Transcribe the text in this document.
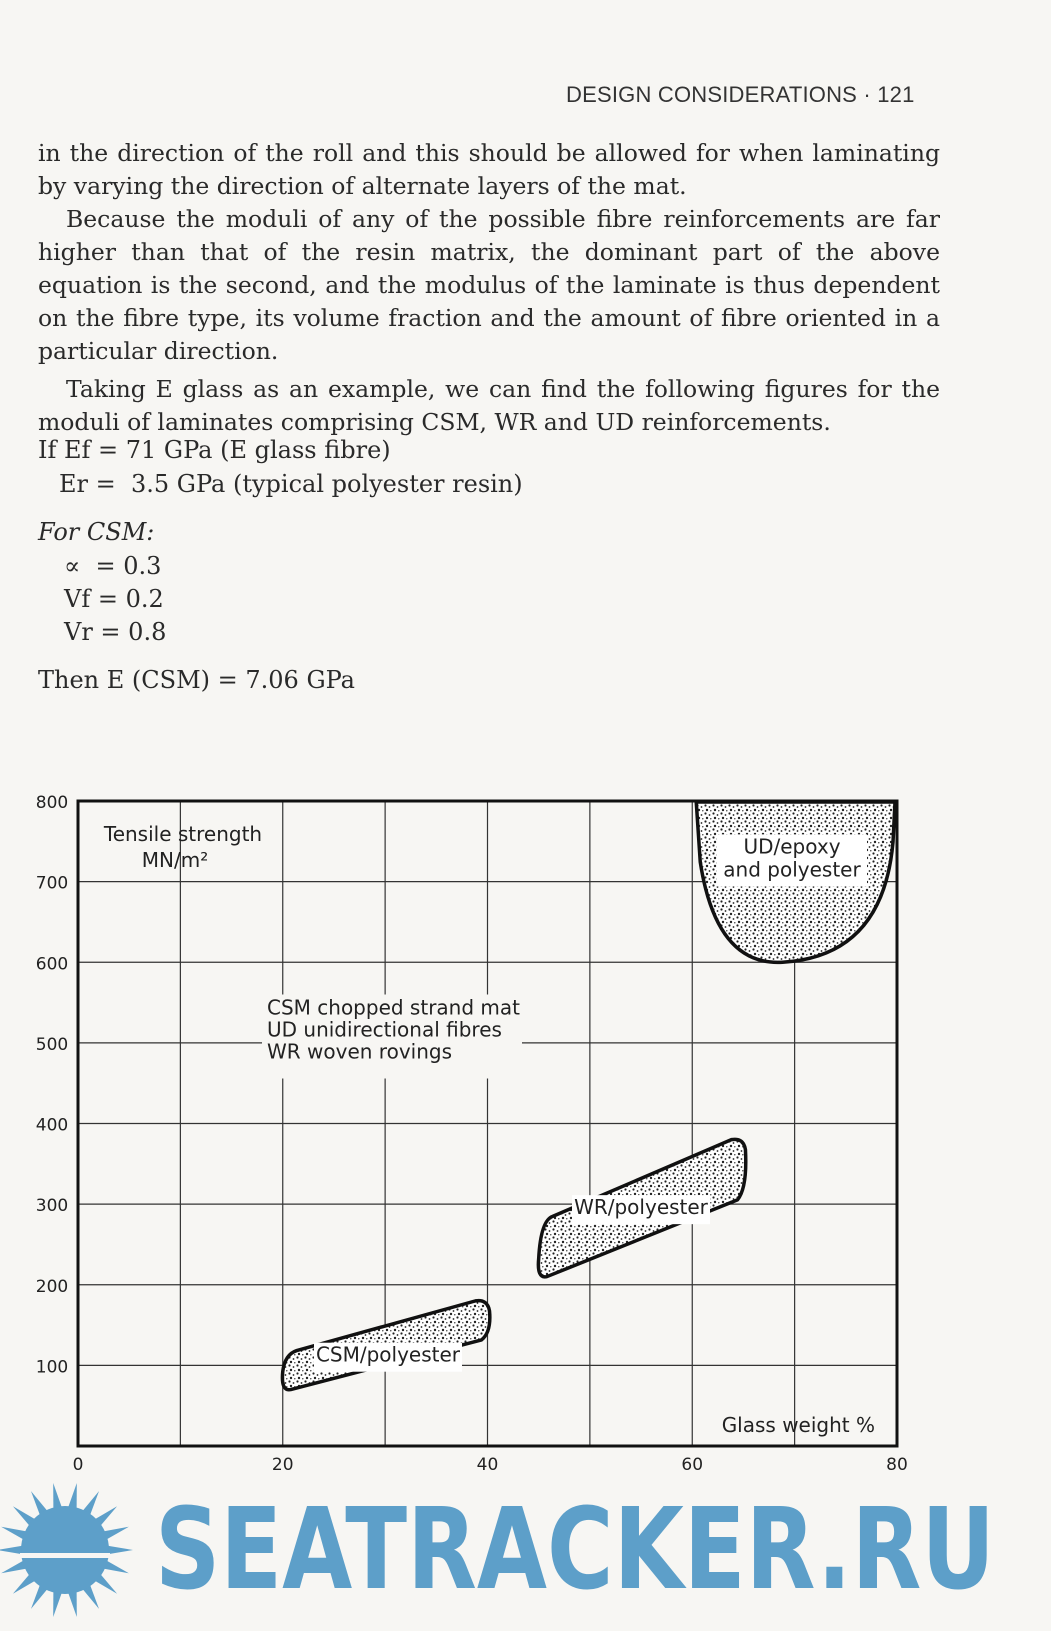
DESIGN CONSIDERATIONS · 121
in the direction of the roll and this should be allowed for when laminating by varying the direction of alternate layers of the mat.
Because the moduli of any of the possible fibre reinforcements are far higher than that of the resin matrix, the dominant part of the above equation is the second, and the modulus of the laminate is thus dependent on the fibre type, its volume fraction and the amount of fibre oriented in a particular direction.
Taking E glass as an example, we can find the following figures for the moduli of laminates comprising CSM, WR and UD reinforcements.
If Ef = 71 GPa (E glass fibre)
Er =  3.5 GPa (typical polyester resin)
For CSM:
∝  = 0.3
Vf = 0.2
Vr = 0.8
Then E (CSM) = 7.06 GPa
100
200
300
400
500
600
700
800
0	20	40	60	80
Tensile strength
MN/m²
Glass weight %
CSM chopped strand mat
UD unidirectional fibres
WR woven rovings
CSM/polyester
WR/polyester
UD/epoxy
and polyester
SEATRACKER.RU
